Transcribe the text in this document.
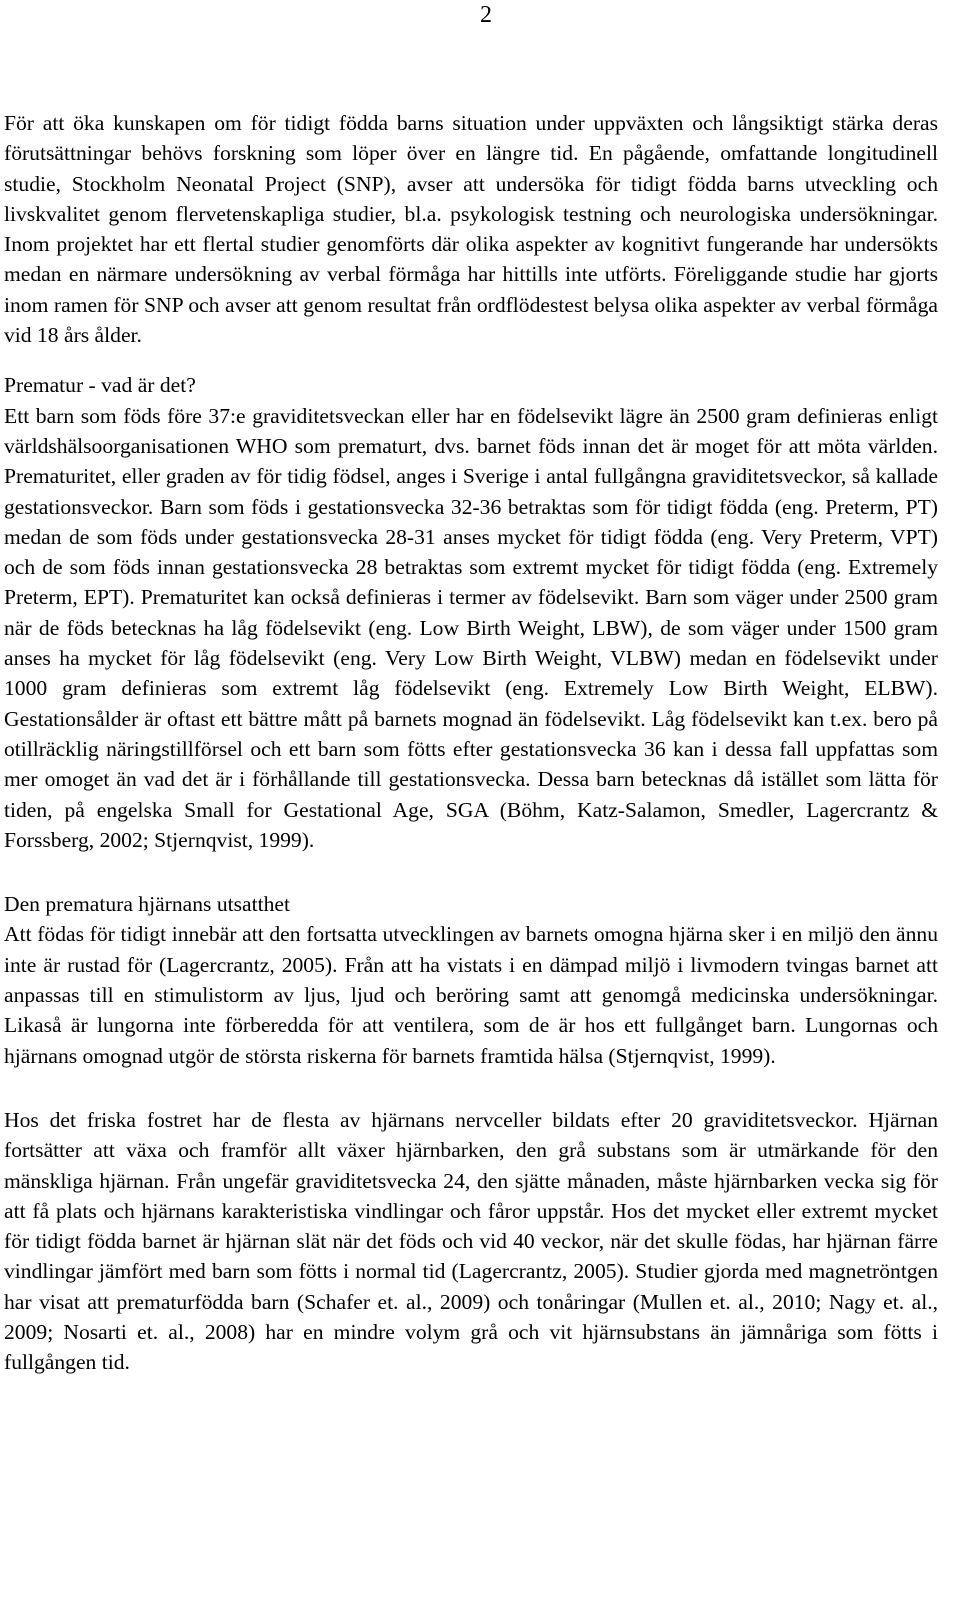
2

För att öka kunskapen om för tidigt födda barns situation under uppväxten och långsiktigt stärka deras förutsättningar behövs forskning som löper över en längre tid. En pågående, omfattande longitudinell studie, Stockholm Neonatal Project (SNP), avser att undersöka för tidigt födda barns utveckling och livskvalitet genom flervetenskapliga studier, bl.a. psykologisk testning och neurologiska undersökningar. Inom projektet har ett flertal studier genomförts där olika aspekter av kognitivt fungerande har undersökts medan en närmare undersökning av verbal förmåga har hittills inte utförts. Föreliggande studie har gjorts inom ramen för SNP och avser att genom resultat från ordflödestest belysa olika aspekter av verbal förmåga vid 18 års ålder.

Prematur - vad är det?

Ett barn som föds före 37:e graviditetsveckan eller har en födelsevikt lägre än 2500 gram definieras enligt världshälsoorganisationen WHO som prematurt, dvs. barnet föds innan det är moget för att möta världen. Prematuritet, eller graden av för tidig födsel, anges i Sverige i antal fullgångna graviditetsveckor, så kallade gestationsveckor. Barn som föds i gestationsvecka 32-36 betraktas som för tidigt födda (eng. Preterm, PT) medan de som föds under gestationsvecka 28-31 anses mycket för tidigt födda (eng. Very Preterm, VPT) och de som föds innan gestationsvecka 28 betraktas som extremt mycket för tidigt födda (eng. Extremely Preterm, EPT). Prematuritet kan också definieras i termer av födelsevikt. Barn som väger under 2500 gram när de föds betecknas ha låg födelsevikt (eng. Low Birth Weight, LBW), de som väger under 1500 gram anses ha mycket för låg födelsevikt (eng. Very Low Birth Weight, VLBW) medan en födelsevikt under 1000 gram definieras som extremt låg födelsevikt (eng. Extremely Low Birth Weight, ELBW). Gestationsålder är oftast ett bättre mått på barnets mognad än födelsevikt. Låg födelsevikt kan t.ex. bero på otillräcklig näringstillförsel och ett barn som fötts efter gestationsvecka 36 kan i dessa fall uppfattas som mer omoget än vad det är i förhållande till gestationsvecka. Dessa barn betecknas då istället som lätta för tiden, på engelska Small for Gestational Age, SGA (Böhm, Katz-Salamon, Smedler, Lagercrantz & Forssberg, 2002; Stjernqvist, 1999).

Den prematura hjärnans utsatthet

Att födas för tidigt innebär att den fortsatta utvecklingen av barnets omogna hjärna sker i en miljö den ännu inte är rustad för (Lagercrantz, 2005). Från att ha vistats i en dämpad miljö i livmodern tvingas barnet att anpassas till en stimulistorm av ljus, ljud och beröring samt att genomgå medicinska undersökningar. Likaså är lungorna inte förberedda för att ventilera, som de är hos ett fullgånget barn. Lungornas och hjärnans omognad utgör de största riskerna för barnets framtida hälsa (Stjernqvist, 1999).

Hos det friska fostret har de flesta av hjärnans nervceller bildats efter 20 graviditetsveckor. Hjärnan fortsätter att växa och framför allt växer hjärnbarken, den grå substans som är utmärkande för den mänskliga hjärnan. Från ungefär graviditetsvecka 24, den sjätte månaden, måste hjärnbarken vecka sig för att få plats och hjärnans karakteristiska vindlingar och fåror uppstår. Hos det mycket eller extremt mycket för tidigt födda barnet är hjärnan slät när det föds och vid 40 veckor, när det skulle födas, har hjärnan färre vindlingar jämfört med barn som fötts i normal tid (Lagercrantz, 2005). Studier gjorda med magnetröntgen har visat att prematurfödda barn (Schafer et. al., 2009) och tonåringar (Mullen et. al., 2010; Nagy et. al., 2009; Nosarti et. al., 2008) har en mindre volym grå och vit hjärnsubstans än jämnåriga som fötts i fullgången tid.
